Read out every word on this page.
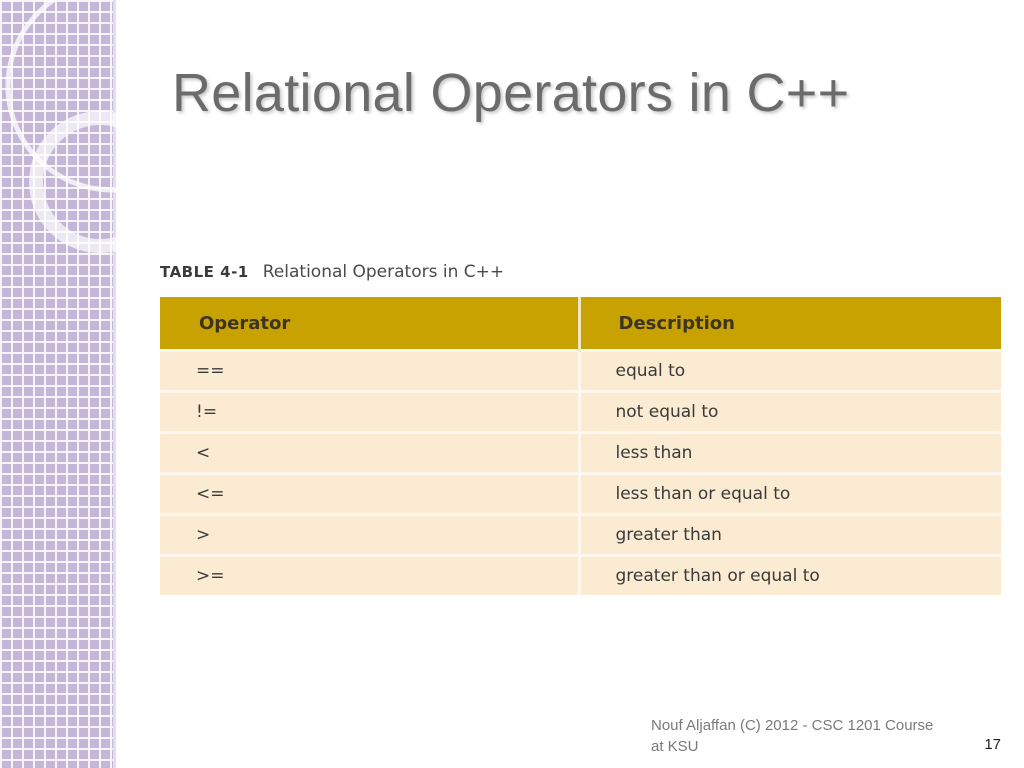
Relational Operators in C++
TABLE 4-1 Relational Operators in C++
Operator	Description
==	equal to
!=	not equal to
<	less than
<=	less than or equal to
>	greater than
>=	greater than or equal to
Nouf Aljaffan (C) 2012 - CSC 1201 Course at KSU	17
